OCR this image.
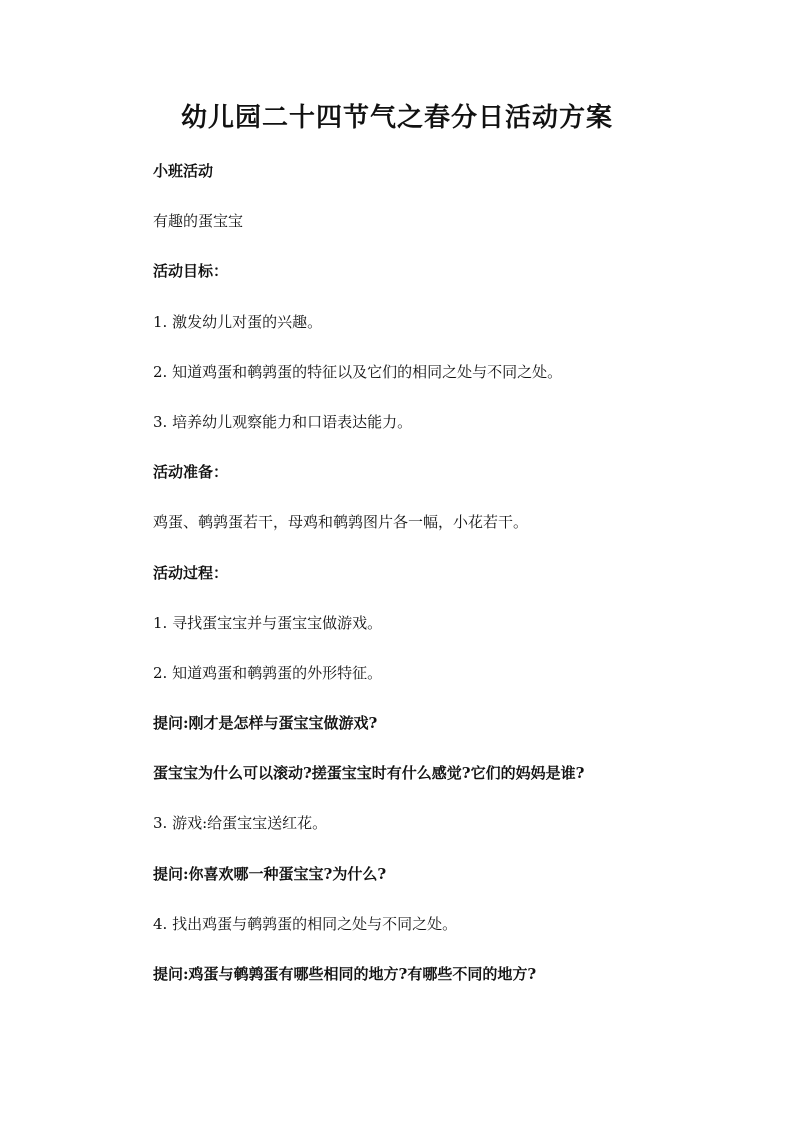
幼儿园二十四节气之春分日活动方案
小班活动
有趣的蛋宝宝
活动目标：
1. 激发幼儿对蛋的兴趣。
2. 知道鸡蛋和鹌鹑蛋的特征以及它们的相同之处与不同之处。
3. 培养幼儿观察能力和口语表达能力。
活动准备：
鸡蛋、鹌鹑蛋若干，母鸡和鹌鹑图片各一幅，小花若干。
活动过程：
1. 寻找蛋宝宝并与蛋宝宝做游戏。
2. 知道鸡蛋和鹌鹑蛋的外形特征。
提问:刚才是怎样与蛋宝宝做游戏?
蛋宝宝为什么可以滚动?搓蛋宝宝时有什么感觉?它们的妈妈是谁?
3. 游戏:给蛋宝宝送红花。
提问:你喜欢哪一种蛋宝宝?为什么?
4. 找出鸡蛋与鹌鹑蛋的相同之处与不同之处。
提问:鸡蛋与鹌鹑蛋有哪些相同的地方?有哪些不同的地方?
